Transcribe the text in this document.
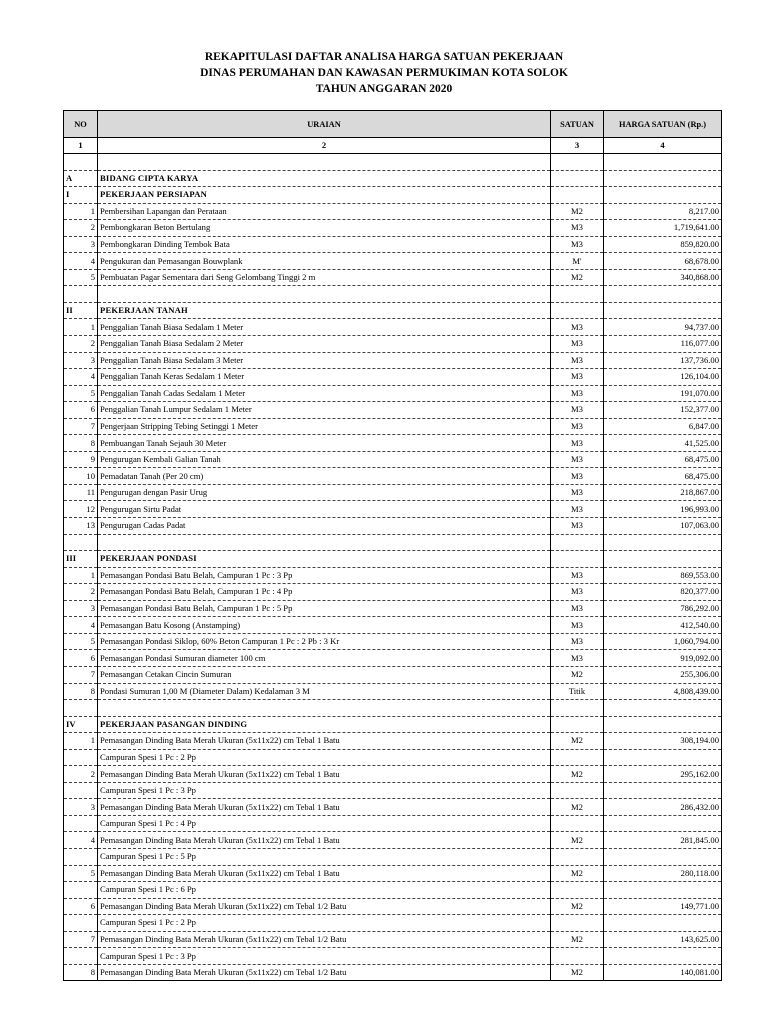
REKAPITULASI DAFTAR ANALISA HARGA SATUAN PEKERJAAN
DINAS PERUMAHAN DAN KAWASAN PERMUKIMAN KOTA SOLOK
TAHUN ANGGARAN 2020
NO	URAIAN	SATUAN	HARGA SATUAN (Rp.)
1	2	3	4

A	BIDANG CIPTA KARYA		
I	PEKERJAAN PERSIAPAN		
1	Pembersihan Lapangan dan Perataan	M2	8,217.00
2	Pembongkaran Beton Bertulang	M3	1,719,641.00
3	Pembongkaran Dinding Tembok Bata	M3	859,820.00
4	Pengukuran dan Pemasangan Bouwplank	M'	68,678.00
5	Pembuatan Pagar Sementara dari Seng Gelombang Tinggi 2 m	M2	340,868.00

II	PEKERJAAN TANAH		
1	Penggalian Tanah Biasa Sedalam 1 Meter	M3	94,737.00
2	Penggalian Tanah Biasa Sedalam 2 Meter	M3	116,077.00
3	Penggalian Tanah Biasa Sedalam 3 Meter	M3	137,736.00
4	Penggalian Tanah Keras Sedalam 1 Meter	M3	126,104.00
5	Penggalian Tanah Cadas Sedalam 1 Meter	M3	191,070.00
6	Penggalian Tanah Lumpur Sedalam 1 Meter	M3	152,377.00
7	Pengerjaan Stripping Tebing Setinggi 1 Meter	M3	6,847.00
8	Pembuangan Tanah Sejauh 30 Meter	M3	41,525.00
9	Pengurugan Kembali Galian Tanah	M3	68,475.00
10	Pemadatan Tanah (Per 20 cm)	M3	68,475.00
11	Pengurugan dengan Pasir Urug	M3	218,867.00
12	Pengurugan Sirtu Padat	M3	196,993.00
13	Pengurugan Cadas Padat	M3	107,063.00

III	PEKERJAAN PONDASI		
1	Pemasangan Pondasi Batu Belah, Campuran 1 Pc : 3 Pp	M3	869,553.00
2	Pemasangan Pondasi Batu Belah, Campuran 1 Pc : 4 Pp	M3	820,377.00
3	Pemasangan Pondasi Batu Belah, Campuran 1 Pc : 5 Pp	M3	786,292.00
4	Pemasangan Batu Kosong (Anstamping)	M3	412,540.00
5	Pemasangan Pondasi Siklop, 60% Beton Campuran 1 Pc : 2 Pb : 3 Kr	M3	1,060,794.00
6	Pemasangan Pondasi Sumuran diameter 100 cm	M3	919,092.00
7	Pemasangan Cetakan Cincin Sumuran	M2	255,306.00
8	Pondasi Sumuran 1,00 M (Diameter Dalam) Kedalaman 3 M	Titik	4,808,439.00

IV	PEKERJAAN PASANGAN DINDING		
1	Pemasangan Dinding Bata Merah Ukuran (5x11x22) cm Tebal 1 Batu	M2	308,194.00
	Campuran Spesi 1 Pc : 2 Pp		
2	Pemasangan Dinding Bata Merah Ukuran (5x11x22) cm Tebal 1 Batu	M2	295,162.00
	Campuran Spesi 1 Pc : 3 Pp		
3	Pemasangan Dinding Bata Merah Ukuran (5x11x22) cm Tebal 1 Batu	M2	286,432.00
	Campuran Spesi 1 Pc : 4 Pp		
4	Pemasangan Dinding Bata Merah Ukuran (5x11x22) cm Tebal 1 Batu	M2	281,845.00
	Campuran Spesi 1 Pc : 5 Pp		
5	Pemasangan Dinding Bata Merah Ukuran (5x11x22) cm Tebal 1 Batu	M2	280,118.00
	Campuran Spesi 1 Pc : 6 Pp		
6	Pemasangan Dinding Bata Merah Ukuran (5x11x22) cm Tebal 1/2 Batu	M2	149,771.00
	Campuran Spesi 1 Pc : 2 Pp		
7	Pemasangan Dinding Bata Merah Ukuran (5x11x22) cm Tebal 1/2 Batu	M2	143,625.00
	Campuran Spesi 1 Pc : 3 Pp		
8	Pemasangan Dinding Bata Merah Ukuran (5x11x22) cm Tebal 1/2 Batu	M2	140,081.00
